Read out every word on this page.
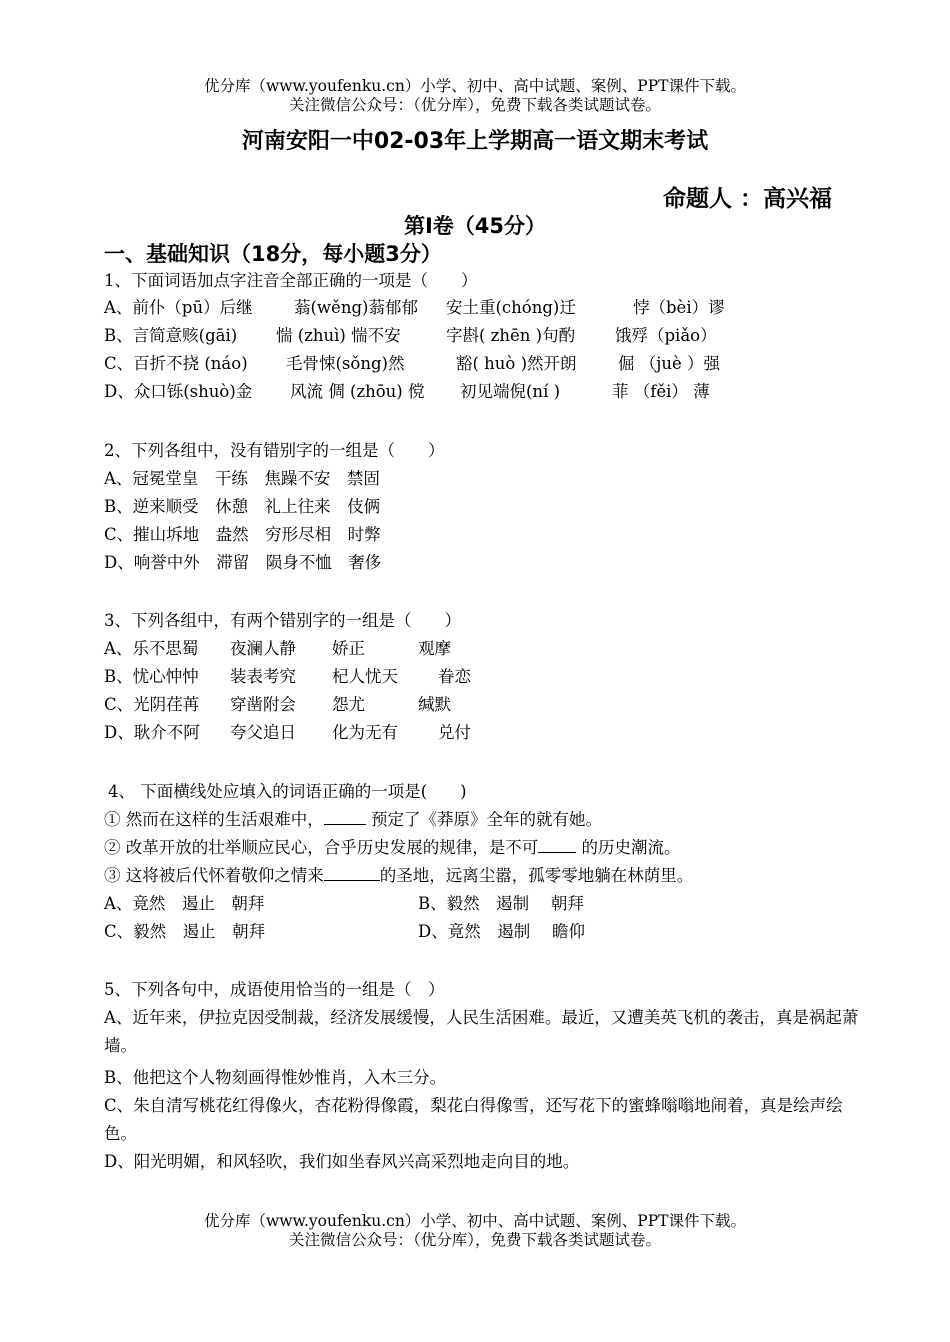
优分库（www.youfenku.cn）小学、初中、高中试题、案例、PPT课件下载。
关注微信公众号：（优分库），免费下载各类试题试卷。
河南安阳一中02-03年上学期高一语文期末考试
命题人 ：高兴福
第Ⅰ卷（45分）
一、基础知识（18分，每小题3分）
1、下面词语加点字注音全部正确的一项是（　　）
A、前仆（pū）后继	蓊(wěng)蓊郁郁 安土重(chóng)迁	悖（bèi）谬
B、言简意赅(gāi) 惴 (zhuì) 惴不安	字斟( zhēn )句酌 饿殍（piǎo）
C、百折不挠 (náo) 毛骨悚(sǒng)然	豁( huò )然开朗	倔 （juè ）强
D、众口铄(shuò)金 风流 倜 (zhōu) 傥 初见端倪(ní )	菲 （fěi） 薄
2、下列各组中，没有错别字的一组是（　　）
A、冠冕堂皇　干练　焦躁不安　禁固
B、逆来顺受　休憩　礼上往来　伎俩
C、摧山坼地　盎然　穷形尽相　时弊
D、响誉中外　滞留　陨身不恤　奢侈
3、下列各组中，有两个错别字的一组是（　　）
A、乐不思蜀 夜澜人静 娇正	观摩
B、忧心忡忡 装表考究 杞人忧天 眷恋
C、光阴荏苒 穿凿附会 怨尤	缄默
D、耿介不阿 夸父追日 化为无有 兑付
4、 下面横线处应填入的词语正确的一项是(　　)
① 然而在这样的生活艰难中，	预定了《莽原》全年的就有她。
② 改革开放的壮举顺应民心，合乎历史发展的规律，是不可 的历史潮流。
③ 这将被后代怀着敬仰之情来	的圣地，远离尘嚣，孤零零地躺在林荫里。
A、竟然　遏止　朝拜	B、毅然　遏制　 朝拜
C、毅然　遏止　朝拜	D、竟然　遏制　 瞻仰
5、下列各句中，成语使用恰当的一组是（　）
A、近年来，伊拉克因受制裁，经济发展缓慢，人民生活困难。最近，又遭美英飞机的袭击，真是祸起萧墙。
B、他把这个人物刻画得惟妙惟肖，入木三分。
C、朱自清写桃花红得像火，杏花粉得像霞，梨花白得像雪，还写花下的蜜蜂嗡嗡地闹着，真是绘声绘色。
D、阳光明媚，和风轻吹，我们如坐春风兴高采烈地走向目的地。
优分库（www.youfenku.cn）小学、初中、高中试题、案例、PPT课件下载。
关注微信公众号：（优分库），免费下载各类试题试卷。
